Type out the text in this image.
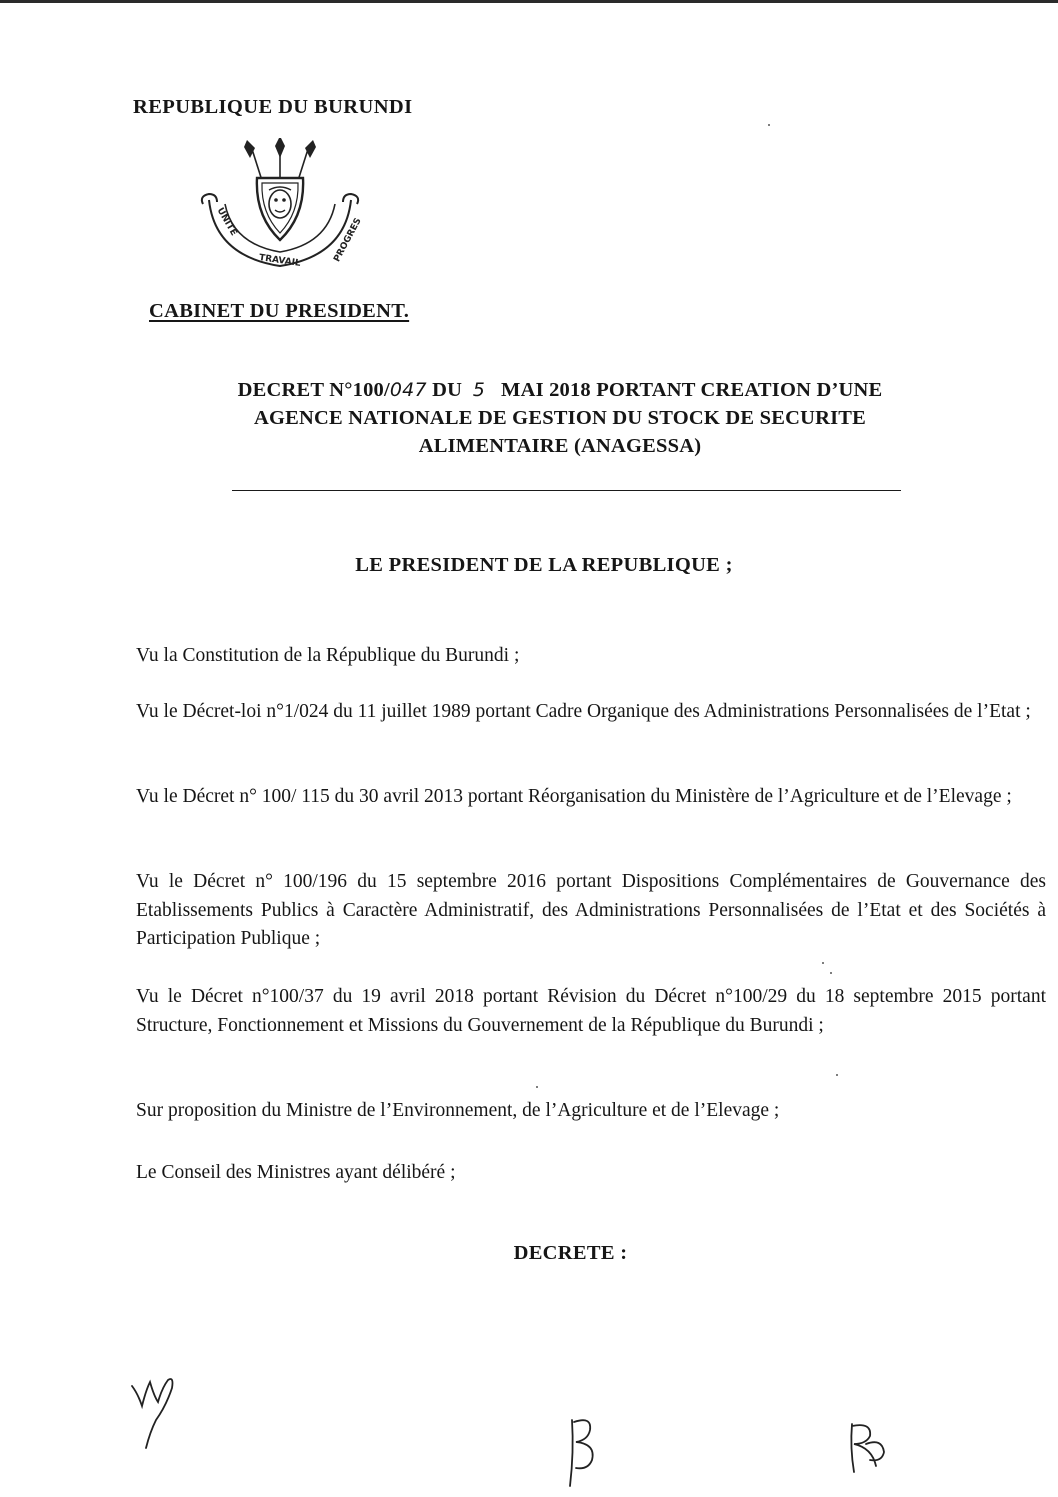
REPUBLIQUE DU BURUNDI
UNITE
TRAVAIL	PROGRES
CABINET DU PRESIDENT.
DECRET N°100/047 DU 5 MAI 2018 PORTANT CREATION D’UNE
AGENCE NATIONALE DE GESTION DU STOCK DE SECURITE
ALIMENTAIRE (ANAGESSA)
LE PRESIDENT DE LA REPUBLIQUE ;
Vu la Constitution de la République du Burundi ;
Vu le Décret-loi n°1/024 du 11 juillet 1989 portant Cadre Organique des Administrations Personnalisées de l’Etat ;
Vu le Décret n° 100/ 115 du 30 avril 2013 portant Réorganisation du Ministère de l’Agriculture et de l’Elevage ;
Vu le Décret n° 100/196 du 15 septembre 2016 portant Dispositions Complémentaires de Gouvernance des Etablissements Publics à Caractère Administratif, des Administrations Personnalisées de l’Etat et des Sociétés à Participation Publique ;
Vu le Décret n°100/37 du 19 avril 2018 portant Révision du Décret n°100/29 du 18 septembre 2015 portant Structure, Fonctionnement et Missions du Gouvernement de la République du Burundi ;
Sur proposition du Ministre de l’Environnement, de l’Agriculture et de l’Elevage ;
Le Conseil des Ministres ayant délibéré ;
DECRETE :
